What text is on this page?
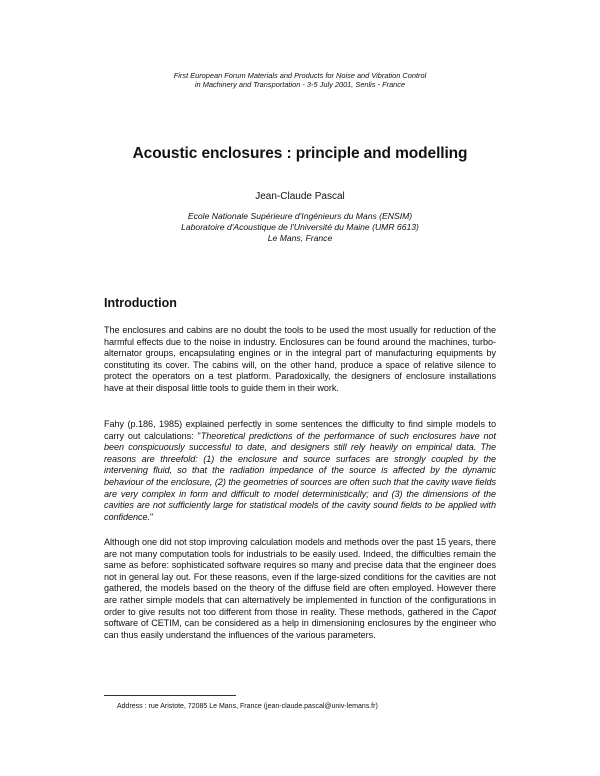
First European Forum Materials and Products for Noise and Vibration Control
in Machinery and Transportation - 3-5 July 2001, Senlis - France
Acoustic enclosures : principle and modelling
Jean-Claude Pascal
Ecole Nationale Supérieure d'Ingénieurs du Mans (ENSIM)
Laboratoire d'Acoustique de l'Université du Maine (UMR 6613)
Le Mans, France
Introduction
The enclosures and cabins are no doubt the tools to be used the most usually for reduction of the harmful effects due to the noise in industry. Enclosures can be found around the machines, turbo-alternator groups, encapsulating engines or in the integral part of manufacturing equipments by constituting its cover. The cabins will, on the other hand, produce a space of relative silence to protect the operators on a test platform. Paradoxically, the designers of enclosure installations have at their disposal little tools to guide them in their work.
Fahy (p.186, 1985) explained perfectly in some sentences the difficulty to find simple models to carry out calculations: "Theoretical predictions of the performance of such enclosures have not been conspicuously successful to date, and designers still rely heavily on empirical data. The reasons are threefold: (1) the enclosure and source surfaces are strongly coupled by the intervening fluid, so that the radiation impedance of the source is affected by the dynamic behaviour of the enclosure, (2) the geometries of sources are often such that the cavity wave fields are very complex in form and difficult to model deterministically; and (3) the dimensions of the cavities are not sufficiently large for statistical models of the cavity sound fields to be applied with confidence."
Although one did not stop improving calculation models and methods over the past 15 years, there are not many computation tools for industrials to be easily used. Indeed, the difficulties remain the same as before: sophisticated software requires so many and precise data that the engineer does not in general lay out. For these reasons, even if the large-sized conditions for the cavities are not gathered, the models based on the theory of the diffuse field are often employed. However there are rather simple models that can alternatively be implemented in function of the configurations in order to give results not too different from those in reality. These methods, gathered in the Capot software of CETIM, can be considered as a help in dimensioning enclosures by the engineer who can thus easily understand the influences of the various parameters.
Address : rue Aristote, 72085 Le Mans, France (jean-claude.pascal@univ-lemans.fr)
